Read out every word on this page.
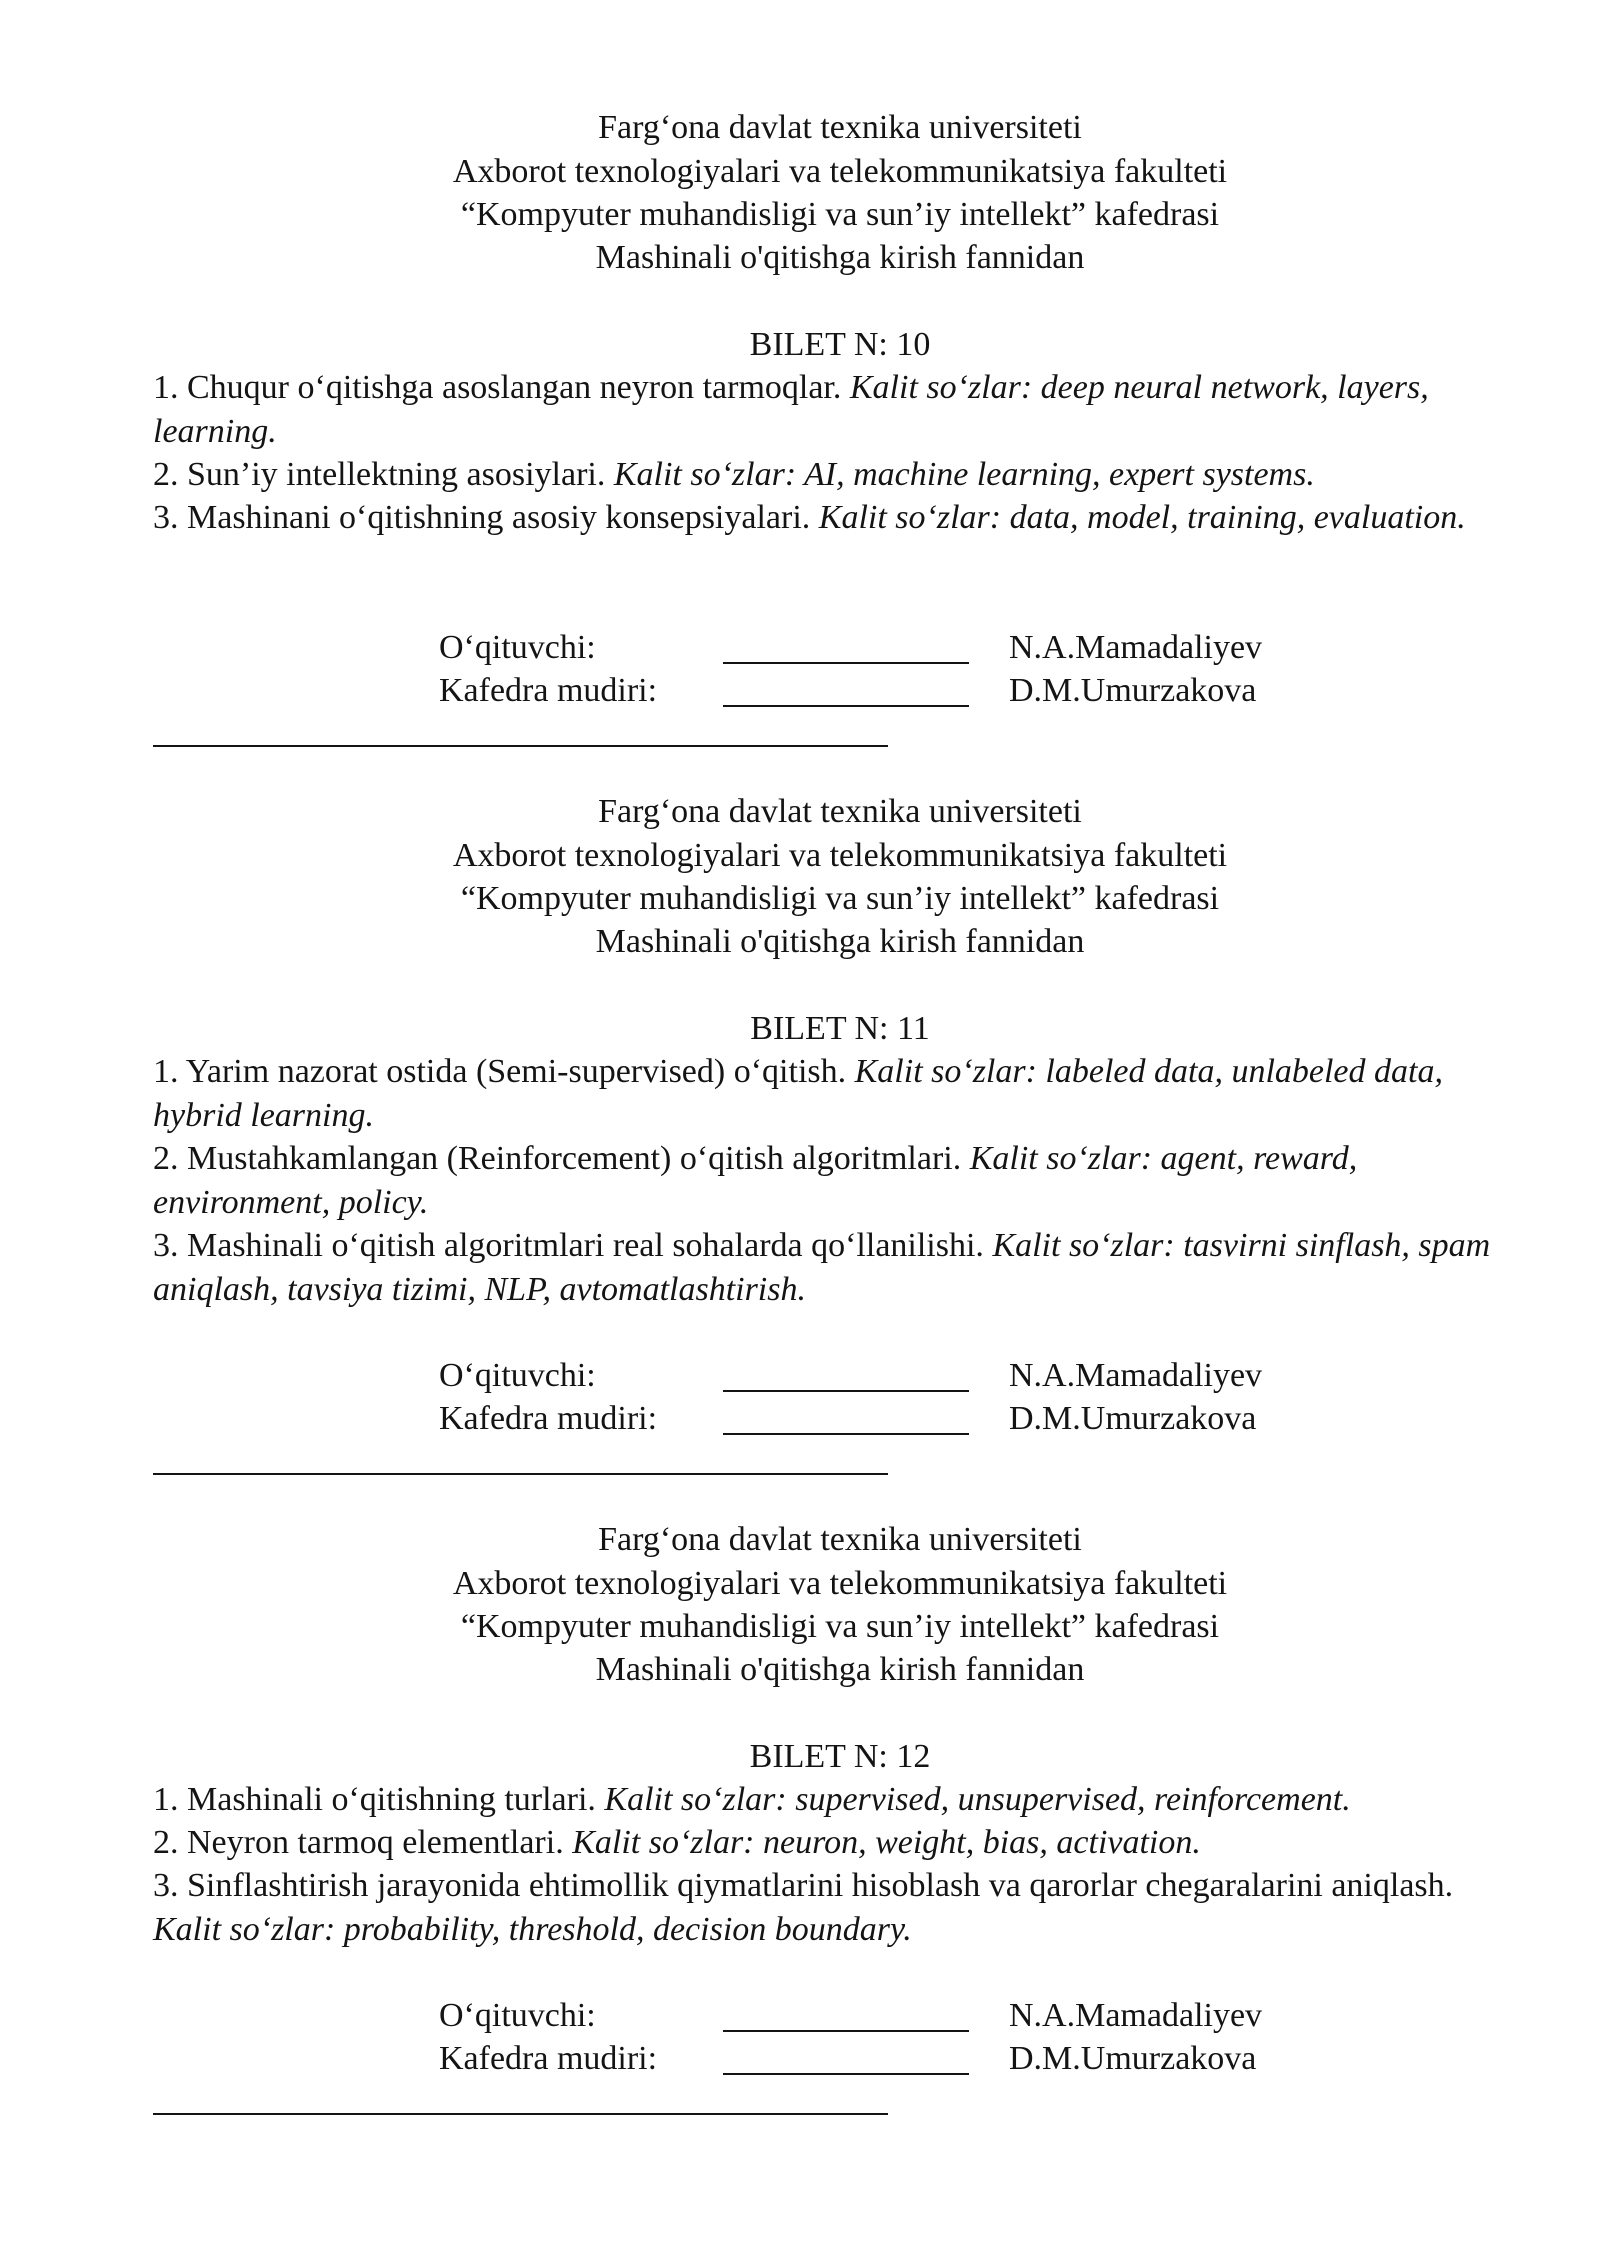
Farg‘ona davlat texnika universiteti
Axborot texnologiyalari va telekommunikatsiya fakulteti
“Kompyuter muhandisligi va sun’iy intellekt” kafedrasi
Mashinali o'qitishga kirish fannidan
BILET N: 10
1. Chuqur o‘qitishga asoslangan neyron tarmoqlar. Kalit so‘zlar: deep neural network, layers, learning.
2. Sun’iy intellektning asosiylari. Kalit so‘zlar: AI, machine learning, expert systems.
3. Mashinani o‘qitishning asosiy konsepsiyalari. Kalit so‘zlar: data, model, training, evaluation.
O‘qituvchi:	N.A.Mamadaliyev
Kafedra mudiri:	D.M.Umurzakova
Farg‘ona davlat texnika universiteti
Axborot texnologiyalari va telekommunikatsiya fakulteti
“Kompyuter muhandisligi va sun’iy intellekt” kafedrasi
Mashinali o'qitishga kirish fannidan
BILET N: 11
1. Yarim nazorat ostida (Semi-supervised) o‘qitish. Kalit so‘zlar: labeled data, unlabeled data, hybrid learning.
2. Mustahkamlangan (Reinforcement) o‘qitish algoritmlari. Kalit so‘zlar: agent, reward, environment, policy.
3. Mashinali o‘qitish algoritmlari real sohalarda qo‘llanilishi. Kalit so‘zlar: tasvirni sinflash, spam aniqlash, tavsiya tizimi, NLP, avtomatlashtirish.
O‘qituvchi:	N.A.Mamadaliyev
Kafedra mudiri:	D.M.Umurzakova
Farg‘ona davlat texnika universiteti
Axborot texnologiyalari va telekommunikatsiya fakulteti
“Kompyuter muhandisligi va sun’iy intellekt” kafedrasi
Mashinali o'qitishga kirish fannidan
BILET N: 12
1. Mashinali o‘qitishning turlari. Kalit so‘zlar: supervised, unsupervised, reinforcement.
2. Neyron tarmoq elementlari. Kalit so‘zlar: neuron, weight, bias, activation.
3. Sinflashtirish jarayonida ehtimollik qiymatlarini hisoblash va qarorlar chegaralarini aniqlash. Kalit so‘zlar: probability, threshold, decision boundary.
O‘qituvchi:	N.A.Mamadaliyev
Kafedra mudiri:	D.M.Umurzakova
